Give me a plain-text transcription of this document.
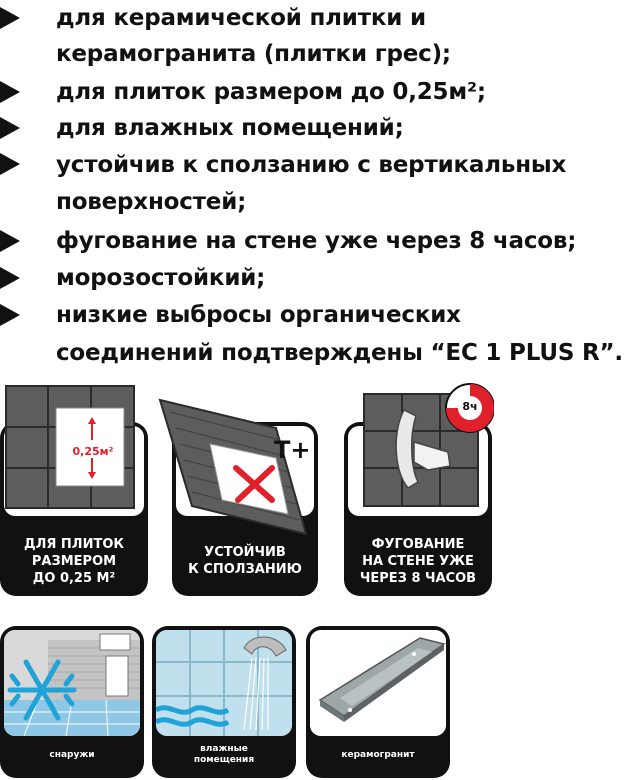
для керамической плитки и
керамогранита (плитки грес);
для плиток размером до 0,25м²;
для влажных помещений;
устойчив к сползанию с вертикальных
поверхностей;
фугование на стене уже через 8 часов;
морозостойкий;
низкие выбросы органических
соединений подтверждены “EC 1 PLUS R”.
0,25м²
ДЛЯ ПЛИТОК
РАЗМЕРОМ
ДО 0,25 М²
T+
УСТОЙЧИВ
К СПОЛЗАНИЮ
8ч
ФУГОВАНИЕ
НА СТЕНЕ УЖЕ
ЧЕРЕЗ 8 ЧАСОВ
снаружи
влажные
помещения	керамогранит
